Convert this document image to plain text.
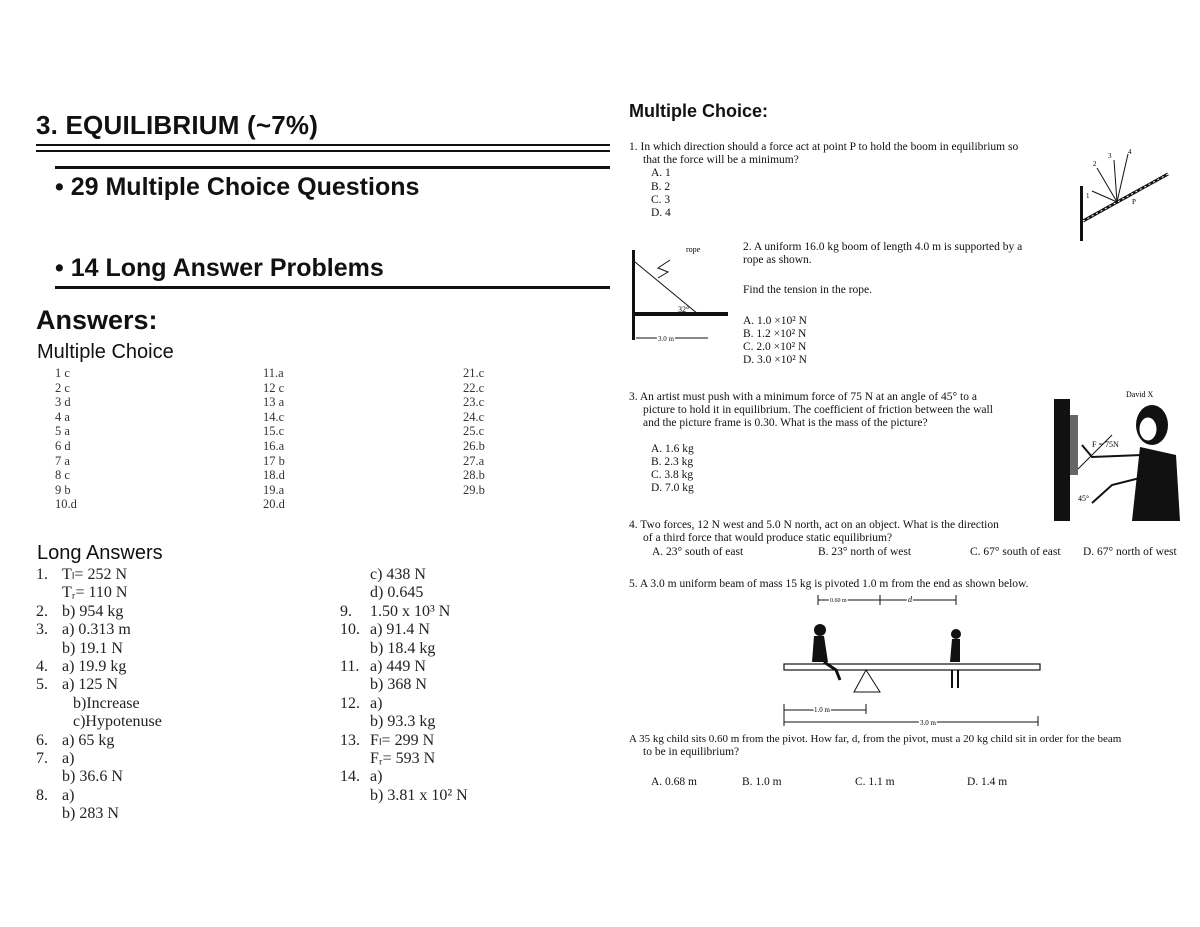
3. EQUILIBRIUM (~7%)
• 29 Multiple Choice Questions
• 14 Long Answer Problems
Answers:
Multiple Choice
1 c
2 c
3 d
4 a
5 a
6 d
7 a
8 c
9 b
10.d
11.a
12 c
13 a
14.c
15.c
16.a
17 b
18.d
19.a
20.d
21.c
22.c
23.c
24.c
25.c
26.b
27.a
28.b
29.b
Long Answers
1. Tₗ= 252 N
Tᵣ= 110 N
2. b) 954 kg
3. a) 0.313 m
b) 19.1 N
4. a) 19.9 kg
5. a) 125 N
b)Increase
c)Hypotenuse
6. a) 65 kg
7. a)
b) 36.6 N
8. a)
b) 283 N
c) 438 N
d) 0.645
9. 1.50 x 10³ N
10. a) 91.4 N
b) 18.4 kg
11. a) 449 N
b) 368 N
12. a)
b) 93.3 kg
13. Fₗ= 299 N
Fᵣ= 593 N
14. a)
b) 3.81 x 10² N
Multiple Choice:
1. In which direction should a force act at point P to hold the boom in equilibrium so
that the force will be a minimum?
A. 1
B. 2
C. 3
D. 4
1
2
3 4
P
rope
32°
3.0 m
2. A uniform 16.0 kg boom of length 4.0 m is supported by a
rope as shown.
Find the tension in the rope.
A. 1.0 ×10² N
B. 1.2 ×10² N
C. 2.0 ×10² N
D. 3.0 ×10² N
3. An artist must push with a minimum force of 75 N at an angle of 45° to a
picture to hold it in equilibrium. The coefficient of friction between the wall
and the picture frame is 0.30. What is the mass of the picture?
A. 1.6 kg
B. 2.3 kg
C. 3.8 kg
D. 7.0 kg
David X
F = 75N
45°
4. Two forces, 12 N west and 5.0 N north, act on an object. What is the direction
of a third force that would produce static equilibrium?
A. 23° south of east	B. 23° north of west	C. 67° south of east D. 67° north of west
5. A 3.0 m uniform beam of mass 15 kg is pivoted 1.0 m from the end as shown below.
0.60 m	d
1.0 m
3.0 m
A 35 kg child sits 0.60 m from the pivot. How far, d, from the pivot, must a 20 kg child sit in order for the beam
to be in equilibrium?
A. 0.68 m	B. 1.0 m	C. 1.1 m	D. 1.4 m
